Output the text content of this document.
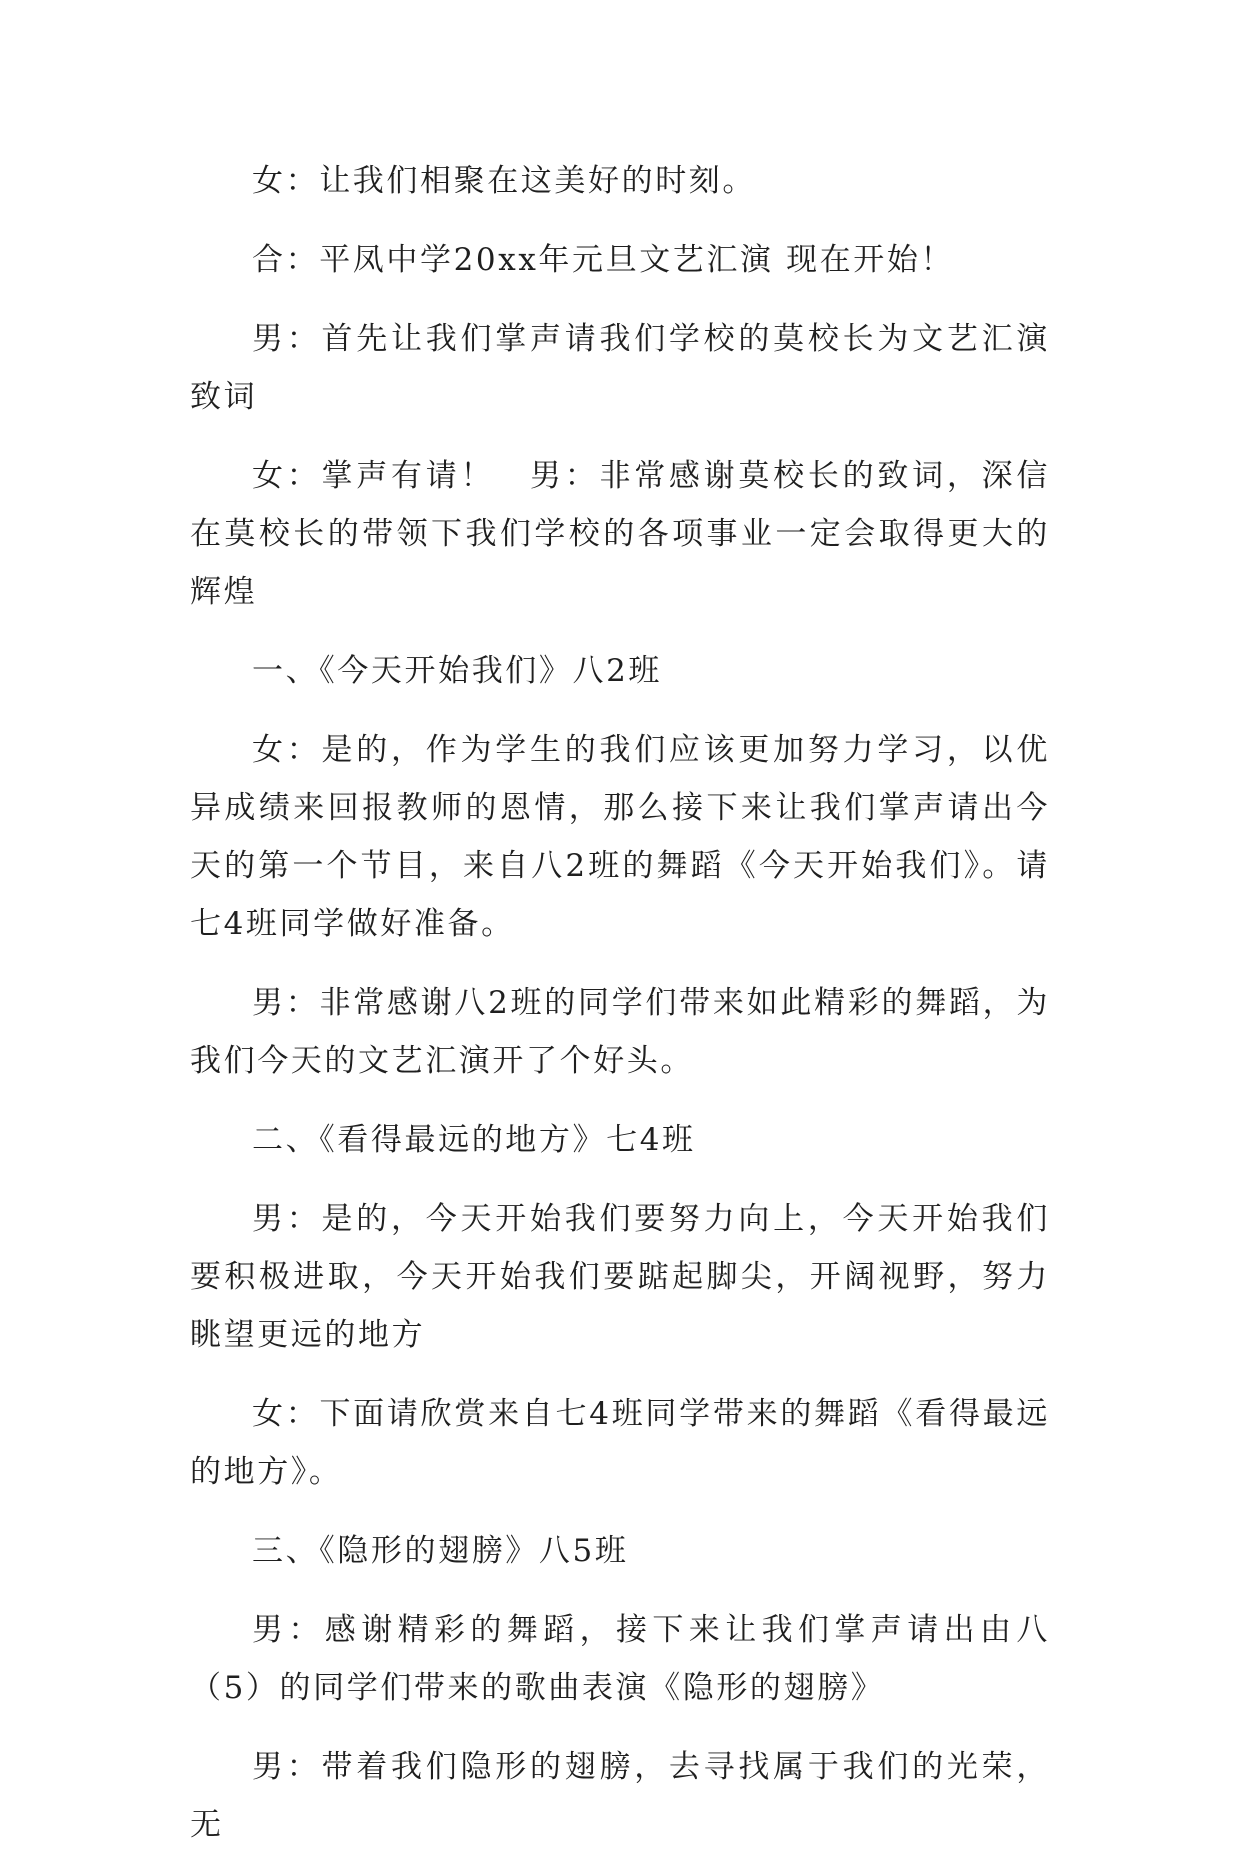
女：让我们相聚在这美好的时刻。

合：平凤中学20xx年元旦文艺汇演 现在开始！

男：首先让我们掌声请我们学校的莫校长为文艺汇演致词

女：掌声有请！　男：非常感谢莫校长的致词，深信在莫校长的带领下我们学校的各项事业一定会取得更大的辉煌

一、《今天开始我们》八2班

女：是的，作为学生的我们应该更加努力学习，以优异成绩来回报教师的恩情，那么接下来让我们掌声请出今天的第一个节目，来自八2班的舞蹈《今天开始我们》。请七4班同学做好准备。

男：非常感谢八2班的同学们带来如此精彩的舞蹈，为我们今天的文艺汇演开了个好头。

二、《看得最远的地方》七4班

男：是的，今天开始我们要努力向上，今天开始我们要积极进取，今天开始我们要踮起脚尖，开阔视野，努力眺望更远的地方

女：下面请欣赏来自七4班同学带来的舞蹈《看得最远的地方》。

三、《隐形的翅膀》八5班

男：感谢精彩的舞蹈，接下来让我们掌声请出由八（5）的同学们带来的歌曲表演《隐形的翅膀》

男：带着我们隐形的翅膀，去寻找属于我们的光荣，无
